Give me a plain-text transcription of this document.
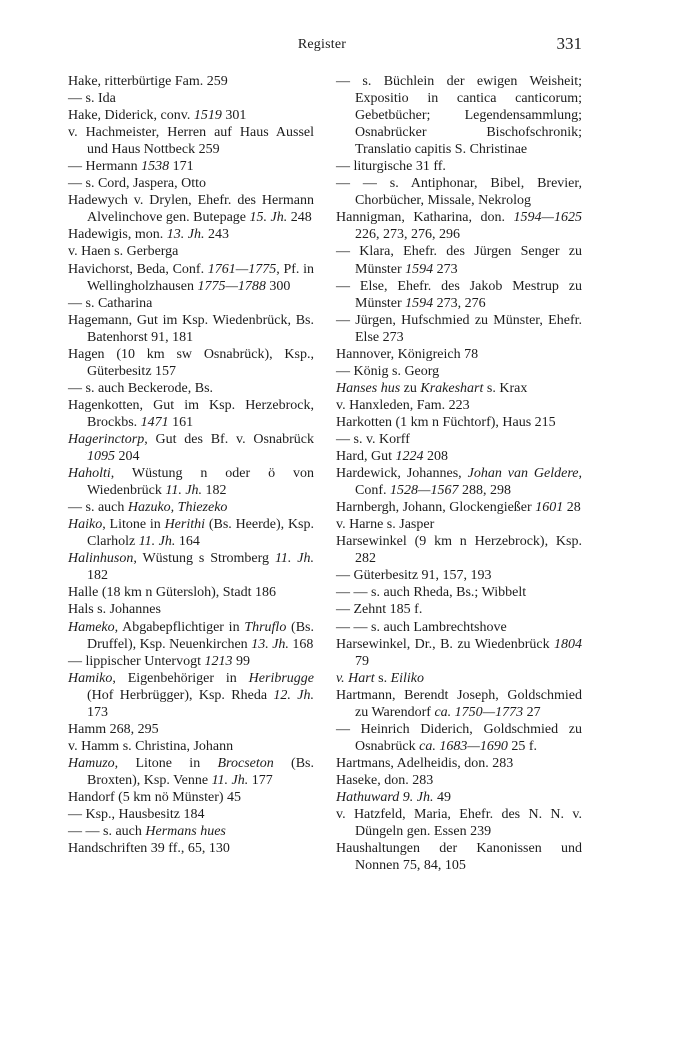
Register	331
Hake, ritterbürtige Fam. 259
— s. Ida
Hake, Diderick, conv. 1519 301
v. Hachmeister, Herren auf Haus Aussel und Haus Nottbeck 259
— Hermann 1538 171
— s. Cord, Jaspera, Otto
Hadewych v. Drylen, Ehefr. des Hermann Alvelinchove gen. Butepage 15. Jh. 248
Hadewigis, mon. 13. Jh. 243
v. Haen s. Gerberga
Havichorst, Beda, Conf. 1761—1775, Pf. in Wellingholzhausen 1775—1788 300
— s. Catharina
Hagemann, Gut im Ksp. Wiedenbrück, Bs. Batenhorst 91, 181
Hagen (10 km sw Osnabrück), Ksp., Güterbesitz 157
— s. auch Beckerode, Bs.
Hagenkotten, Gut im Ksp. Herzebrock, Brockbs. 1471 161
Hagerinctorp, Gut des Bf. v. Osnabrück 1095 204
Haholti, Wüstung n oder ö von Wiedenbrück 11. Jh. 182
— s. auch Hazuko, Thiezeko
Haiko, Litone in Herithi (Bs. Heerde), Ksp. Clarholz 11. Jh. 164
Halinhuson, Wüstung s Stromberg 11. Jh. 182
Halle (18 km n Gütersloh), Stadt 186
Hals s. Johannes
Hameko, Abgabepflichtiger in Thruflo (Bs. Druffel), Ksp. Neuenkirchen 13. Jh. 168
— lippischer Untervogt 1213 99
Hamiko, Eigenbehöriger in Heribrugge (Hof Herbrügger), Ksp. Rheda 12. Jh. 173
Hamm 268, 295
v. Hamm s. Christina, Johann
Hamuzo, Litone in Brocseton (Bs. Broxten), Ksp. Venne 11. Jh. 177
Handorf (5 km nö Münster) 45
— Ksp., Hausbesitz 184
— — s. auch Hermans hues
Handschriften 39 ff., 65, 130
— s. Büchlein der ewigen Weisheit; Expositio in cantica canticorum; Gebetbücher; Legendensammlung; Osnabrücker Bischofschronik; Translatio capitis S. Christinae
— liturgische 31 ff.
— — s. Antiphonar, Bibel, Brevier, Chorbücher, Missale, Nekrolog
Hannigman, Katharina, don. 1594—1625 226, 273, 276, 296
— Klara, Ehefr. des Jürgen Senger zu Münster 1594 273
— Else, Ehefr. des Jakob Mestrup zu Münster 1594 273, 276
— Jürgen, Hufschmied zu Münster, Ehefr. Else 273
Hannover, Königreich 78
— König s. Georg
Hanses hus zu Krakeshart s. Krax
v. Hanxleden, Fam. 223
Harkotten (1 km n Füchtorf), Haus 215
— s. v. Korff
Hard, Gut 1224 208
Hardewick, Johannes, Johan van Geldere, Conf. 1528—1567 288, 298
Harnbergh, Johann, Glockengießer 1601 28
v. Harne s. Jasper
Harsewinkel (9 km n Herzebrock), Ksp. 282
— Güterbesitz 91, 157, 193
— — s. auch Rheda, Bs.; Wibbelt
— Zehnt 185 f.
— — s. auch Lambrechtshove
Harsewinkel, Dr., B. zu Wiedenbrück 1804 79
v. Hart s. Eiliko
Hartmann, Berendt Joseph, Goldschmied zu Warendorf ca. 1750—1773 27
— Heinrich Diderich, Goldschmied zu Osnabrück ca. 1683—1690 25 f.
Hartmans, Adelheidis, don. 283
Haseke, don. 283
Hathuward 9. Jh. 49
v. Hatzfeld, Maria, Ehefr. des N. N. v. Düngeln gen. Essen 239
Haushaltungen der Kanonissen und Nonnen 75, 84, 105
